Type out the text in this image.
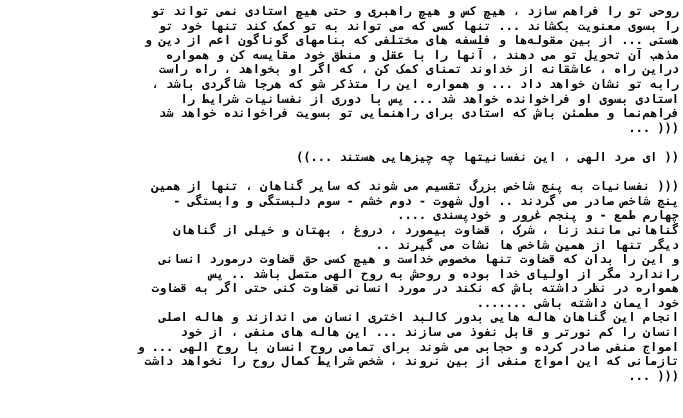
روحی تو را فراهم سازد ، هیچ کس و هیچ راهبری و حتی هیچ استادی نمی تواند تو
را بسوی معنویت بکشاند ... تنها کسی که می تواند به تو کمک کند تنها خود تو
هستی ... از بین مقوله‌ها و فلسفه های مختلفی که بنامهای گوناگون اعم از دین و
مذهب آن تحویل تو می دهند ، آنها را با عقل و منطق خود مقایسه کن و همواره
دراین راه ، عاشقانه از خداوند تمنای کمک کن ، که اگر او بخواهد ، راه راست
رابه تو نشان خواهد داد ... و همواره این را متذکر شو که هرجا شاگردی باشد ،
استادی بسوی او فراخوانده خواهد شد ... پس با دوری از نفسانیات شرایط را
فراهم‌نما و مطمئن باش که استادی برای راهنمایی تو بسویت فراخوانده خواهد شد
... )))
(( ای مرد الهی ، این نفسانیتها چه چیزهایی هستند ...))
((( نفسانیات به پنج شاخص بزرگ تقسیم می شوند که سایر گناهان ، تنها از همین
پنج شاخص صادر می گردند .. اول شهوت - دوم خشم - سوم دلبستگی و وابستگی -
چهارم طمع - و پنجم غرور و خودپسندی ....
گناهانی مانند زنا ، شرک ، قضاوت بیمورد ، دروغ ، بهتان و خیلی از گناهان
دیگر تنها از همین شاخص ها نشات می گیرند ..
و این را بدان که قضاوت تنها مخصوص خداست و هیچ کسی حق قضاوت درمورد انسانی
راندارد مگر از اولیای خدا بوده و روحش به روح الهی متصل باشد .. پس
همواره در نظر داشته باش که نکند در مورد انسانی قضاوت کنی حتی اگر به قضاوت
خود ایمان داشته باشی .......
انجام این گناهان هاله هایی بدور کالبد اختری انسان می اندازند و هاله اصلی
انسان را کم نورتر و قابل نفوذ می سازند ... این هاله های منفی ، از خود
امواج منفی صادر کرده و حجابی می شوند برای تمامی روح انسان با روح الهی ... و
تازمانی که این امواج منفی از بین نروند ، شخص شرایط کمال روح را نخواهد داشت
... )))
